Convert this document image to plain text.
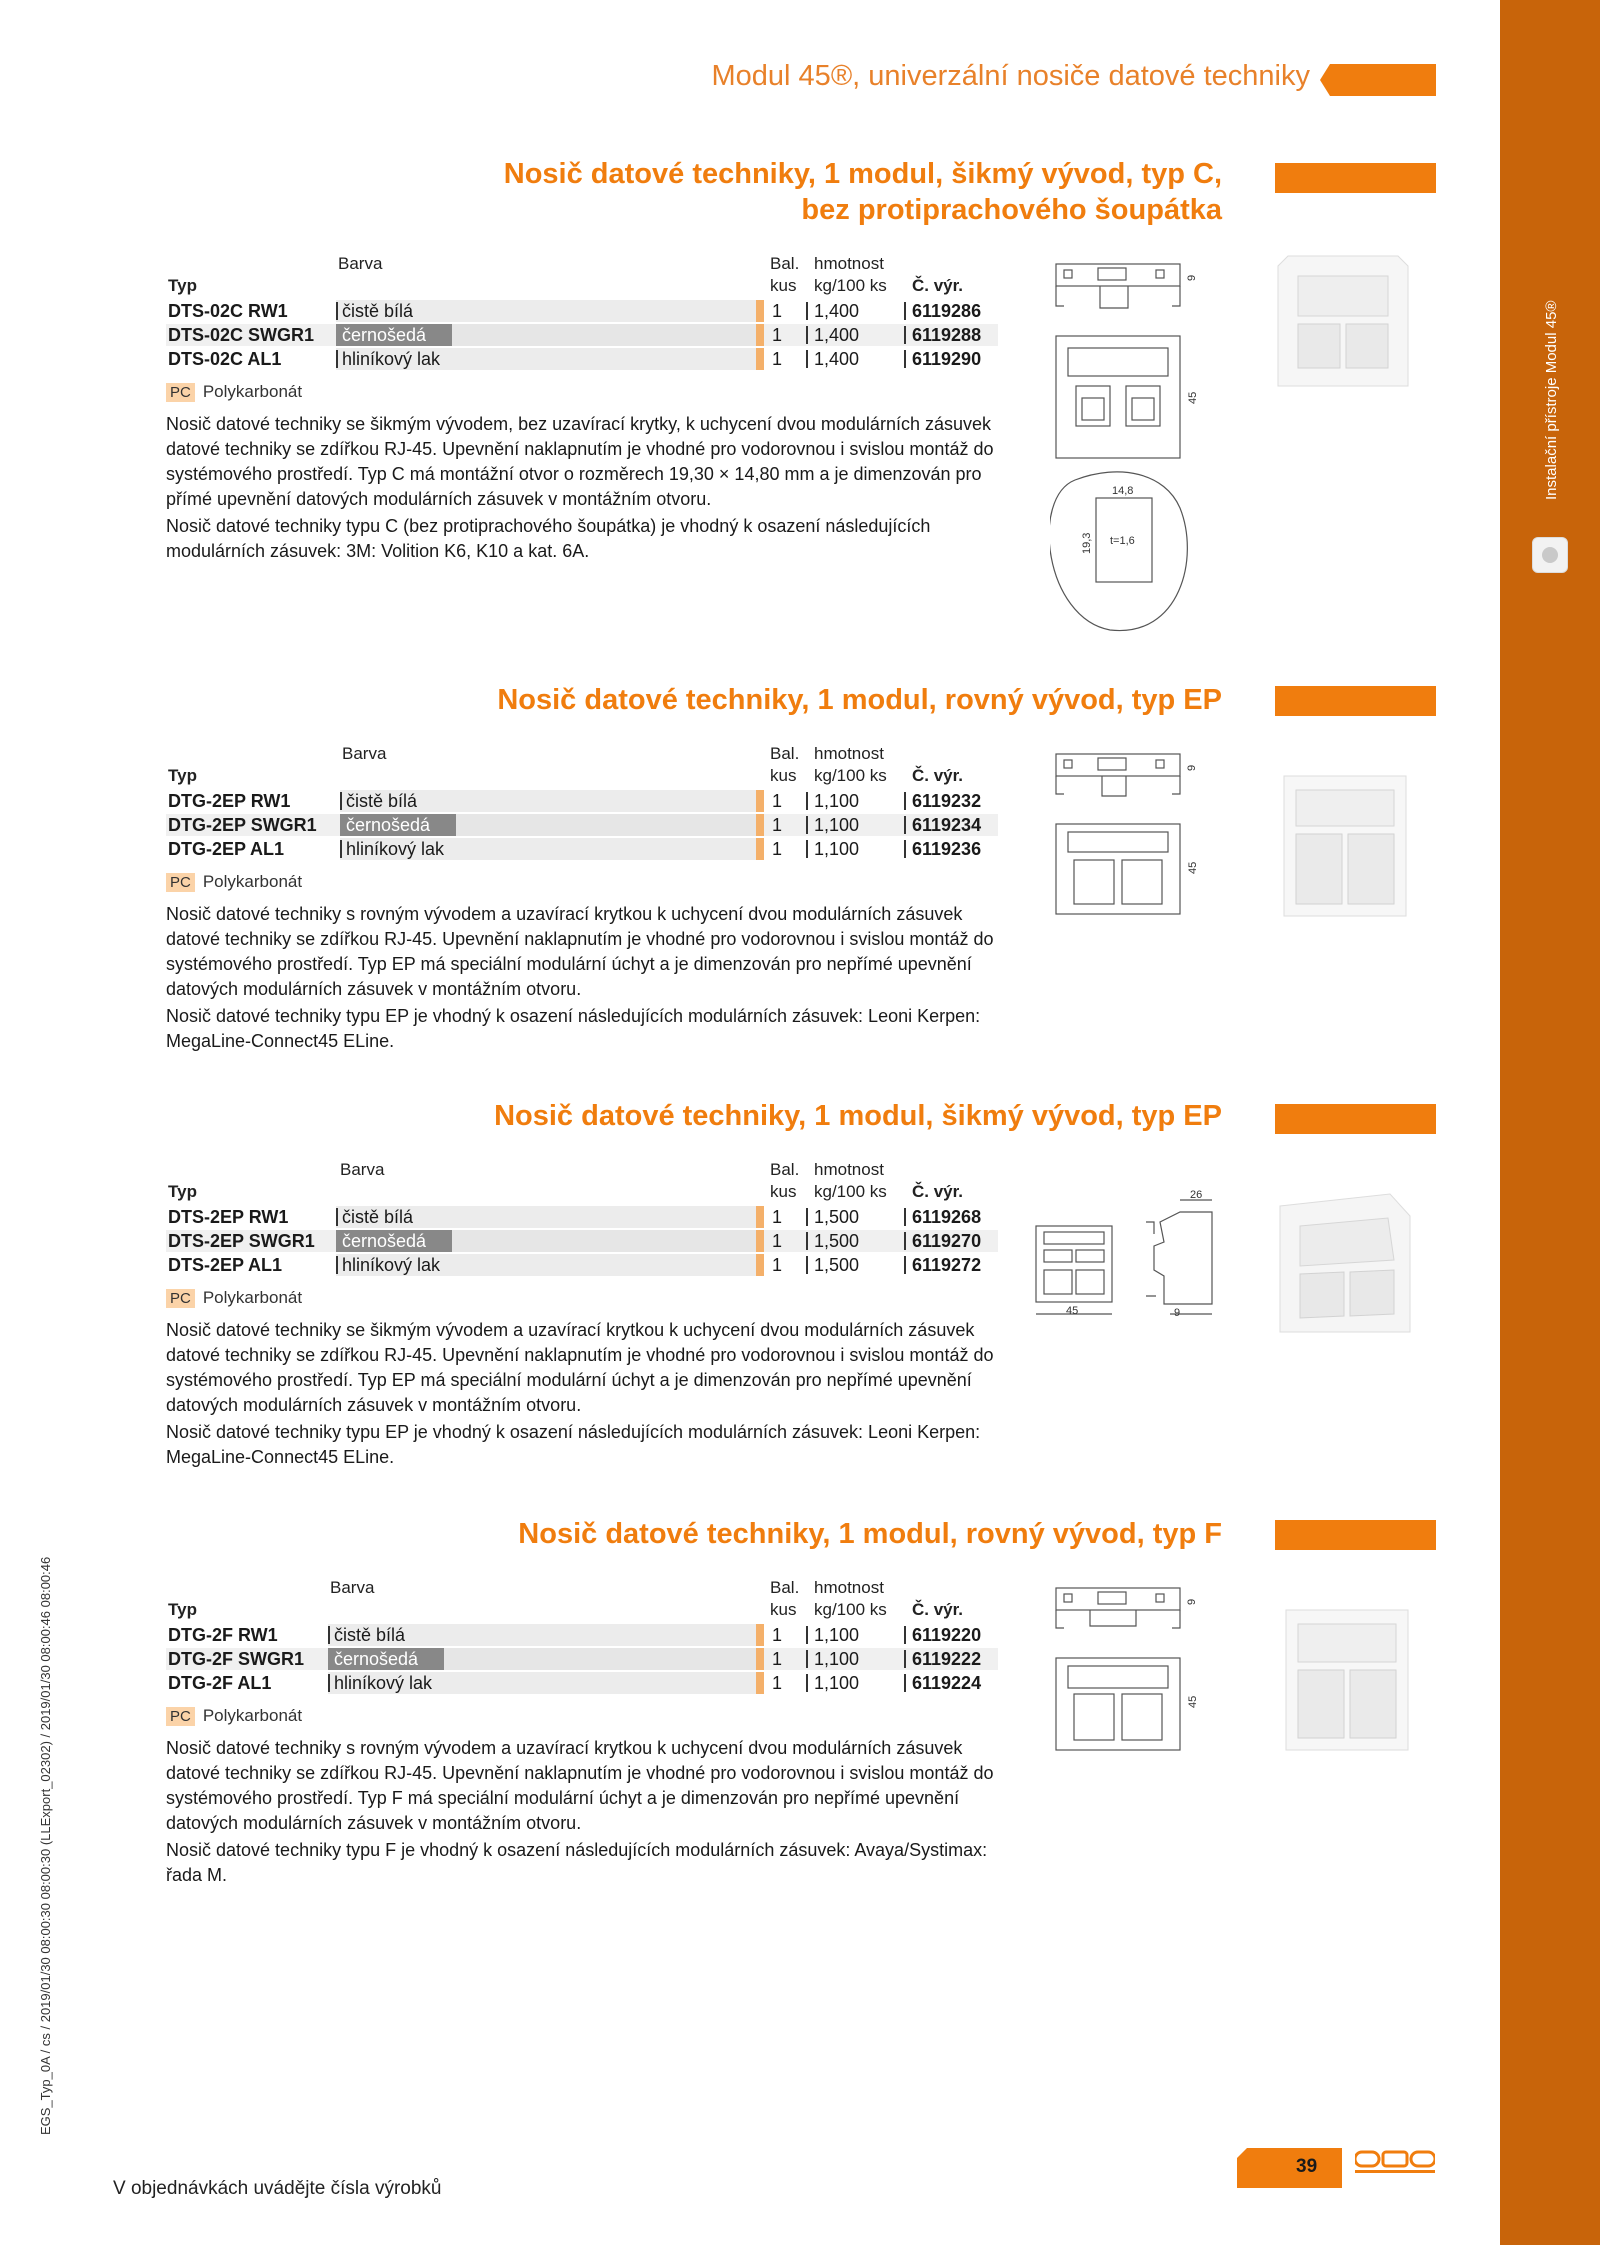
Instalační přístroje Modul 45®
EGS_Typ_0A / cs / 2019/01/30 08:00:30 08:00:30 (LLExport_02302) / 2019/01/30 08:00:46 08:00:46
Modul 45®, univerzální nosiče datové techniky
Nosič datové techniky, 1 modul, šikmý vývod, typ C,
bez protiprachového šoupátka
Barva	Bal. hmotnost
Typ	kus kg/100 ks Č. výr.
DTS-02C RW1	čistě bílá	1 1,400	6119286
DTS-02C SWGR1 černošedá	1 1,400	6119288
DTS-02C AL1	hliníkový lak	1 1,400	6119290
PC Polykarbonát

Nosič datové techniky se šikmým vývodem, bez uzavírací krytky, k uchycení dvou modulárních zásuvek datové techniky se zdířkou RJ-45. Upevnění naklapnutím je vhodné pro vodorovnou i svislou montáž do systémového prostředí. Typ C má montážní otvor o rozměrech 19,30 × 14,80 mm a je dimenzován pro přímé upevnění datových modulárních zásuvek v montážním otvoru.

Nosič datové techniky typu C (bez protiprachového šoupátka) je vhodný k osazení následujících modulárních zásuvek: 3M: Volition K6, K10 a kat. 6A.

9
45
14,8
19,3 t=1,6
Nosič datové techniky, 1 modul, rovný vývod, typ EP
Barva	Bal. hmotnost
Typ	kus kg/100 ks Č. výr.
DTG-2EP RW1	čistě bílá	1 1,100	6119232
DTG-2EP SWGR1 černošedá	1 1,100	6119234
DTG-2EP AL1	hliníkový lak	1 1,100	6119236
PC Polykarbonát

Nosič datové techniky s rovným vývodem a uzavírací krytkou k uchycení dvou modulárních zásuvek datové techniky se zdířkou RJ-45. Upevnění naklapnutím je vhodné pro vodorovnou i svislou montáž do systémového prostředí. Typ EP má speciální modulární úchyt a je dimenzován pro nepřímé upevnění datových modulárních zásuvek v montážním otvoru.

Nosič datové techniky typu EP je vhodný k osazení následujících modulárních zásuvek: Leoni Kerpen: MegaLine-Connect45 ELine.

9
45
Nosič datové techniky, 1 modul, šikmý vývod, typ EP
Barva	Bal. hmotnost
Typ	kus kg/100 ks Č. výr.
DTS-2EP RW1	čistě bílá	1 1,500	6119268
DTS-2EP SWGR1 černošedá	1 1,500	6119270
DTS-2EP AL1	hliníkový lak	1 1,500	6119272
PC Polykarbonát

Nosič datové techniky se šikmým vývodem a uzavírací krytkou k uchycení dvou modulárních zásuvek datové techniky se zdířkou RJ-45. Upevnění naklapnutím je vhodné pro vodorovnou i svislou montáž do systémového prostředí. Typ EP má speciální modulární úchyt a je dimenzován pro nepřímé upevnění datových modulárních zásuvek v montážním otvoru.

Nosič datové techniky typu EP je vhodný k osazení následujících modulárních zásuvek: Leoni Kerpen: MegaLine-Connect45 ELine.

26
45	9
Nosič datové techniky, 1 modul, rovný vývod, typ F
Barva	Bal. hmotnost
Typ	kus kg/100 ks Č. výr.
DTG-2F RW1	čistě bílá	1 1,100	6119220
DTG-2F SWGR1 černošedá	1 1,100	6119222
DTG-2F AL1	hliníkový lak	1 1,100	6119224
PC Polykarbonát

Nosič datové techniky s rovným vývodem a uzavírací krytkou k uchycení dvou modulárních zásuvek datové techniky se zdířkou RJ-45. Upevnění naklapnutím je vhodné pro vodorovnou i svislou montáž do systémového prostředí. Typ F má speciální modulární úchyt a je dimenzován pro nepřímé upevnění datových modulárních zásuvek v montážním otvoru.

Nosič datové techniky typu F je vhodný k osazení následujících modulárních zásuvek: Avaya/Systimax: řada M.

9
45
V objednávkách uvádějte čísla výrobků
39
